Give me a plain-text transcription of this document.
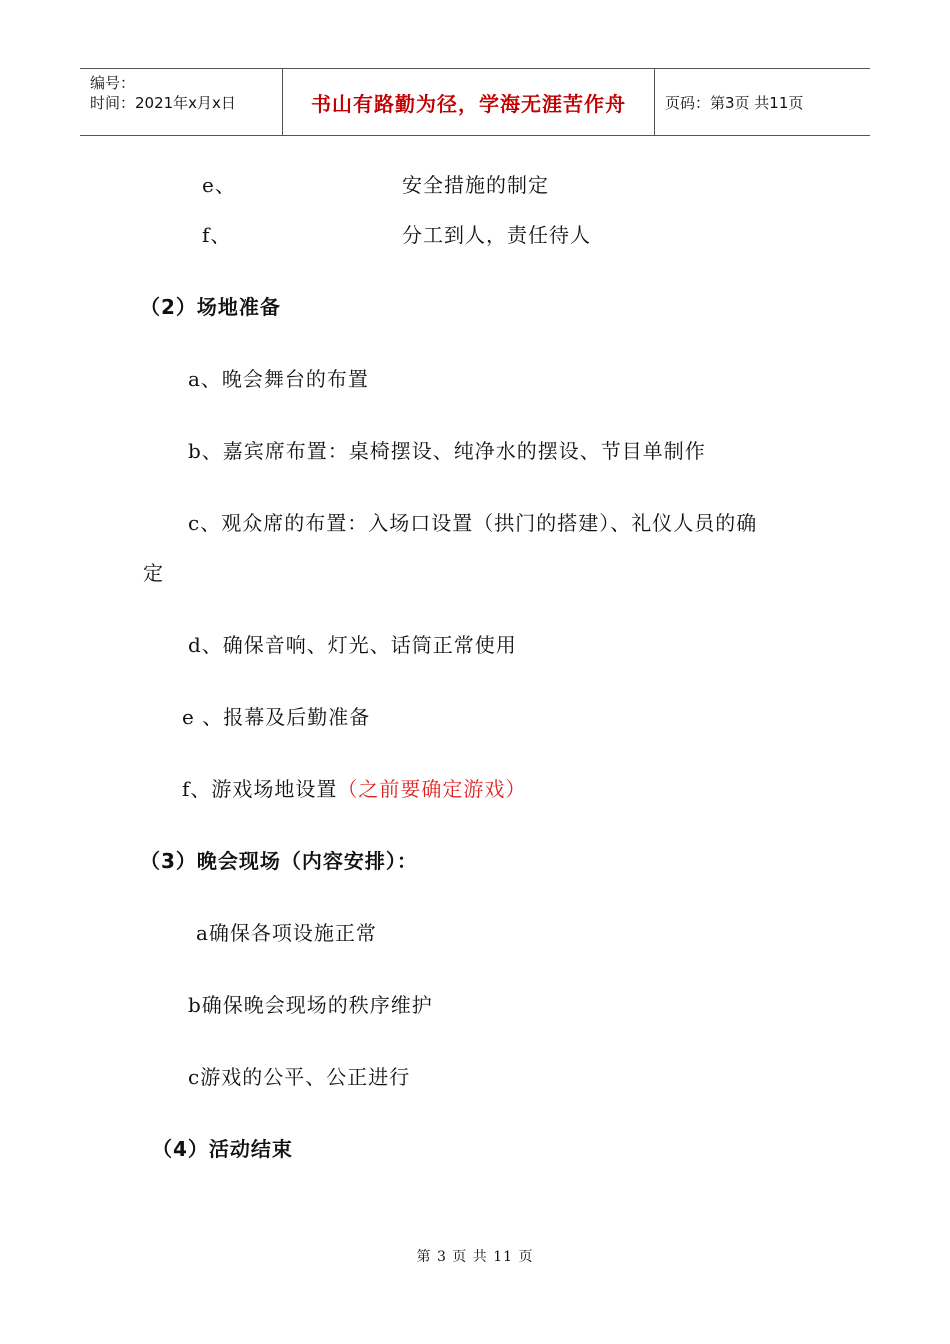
编号：
时间：2021年x月x日	书山有路勤为径，学海无涯苦作舟	页码：第3页 共11页
e、	安全措施的制定
f、	分工到人，责任待人
（2）场地准备
a、晚会舞台的布置
b、嘉宾席布置：桌椅摆设、纯净水的摆设、节目单制作
c、观众席的布置：入场口设置（拱门的搭建）、礼仪人员的确
定
d、确保音响、灯光、话筒正常使用
e 、报幕及后勤准备
f、游戏场地设置（之前要确定游戏）
（3）晚会现场（内容安排）：
a确保各项设施正常
b确保晚会现场的秩序维护
c游戏的公平、公正进行
（4）活动结束
第 3 页 共 11 页
